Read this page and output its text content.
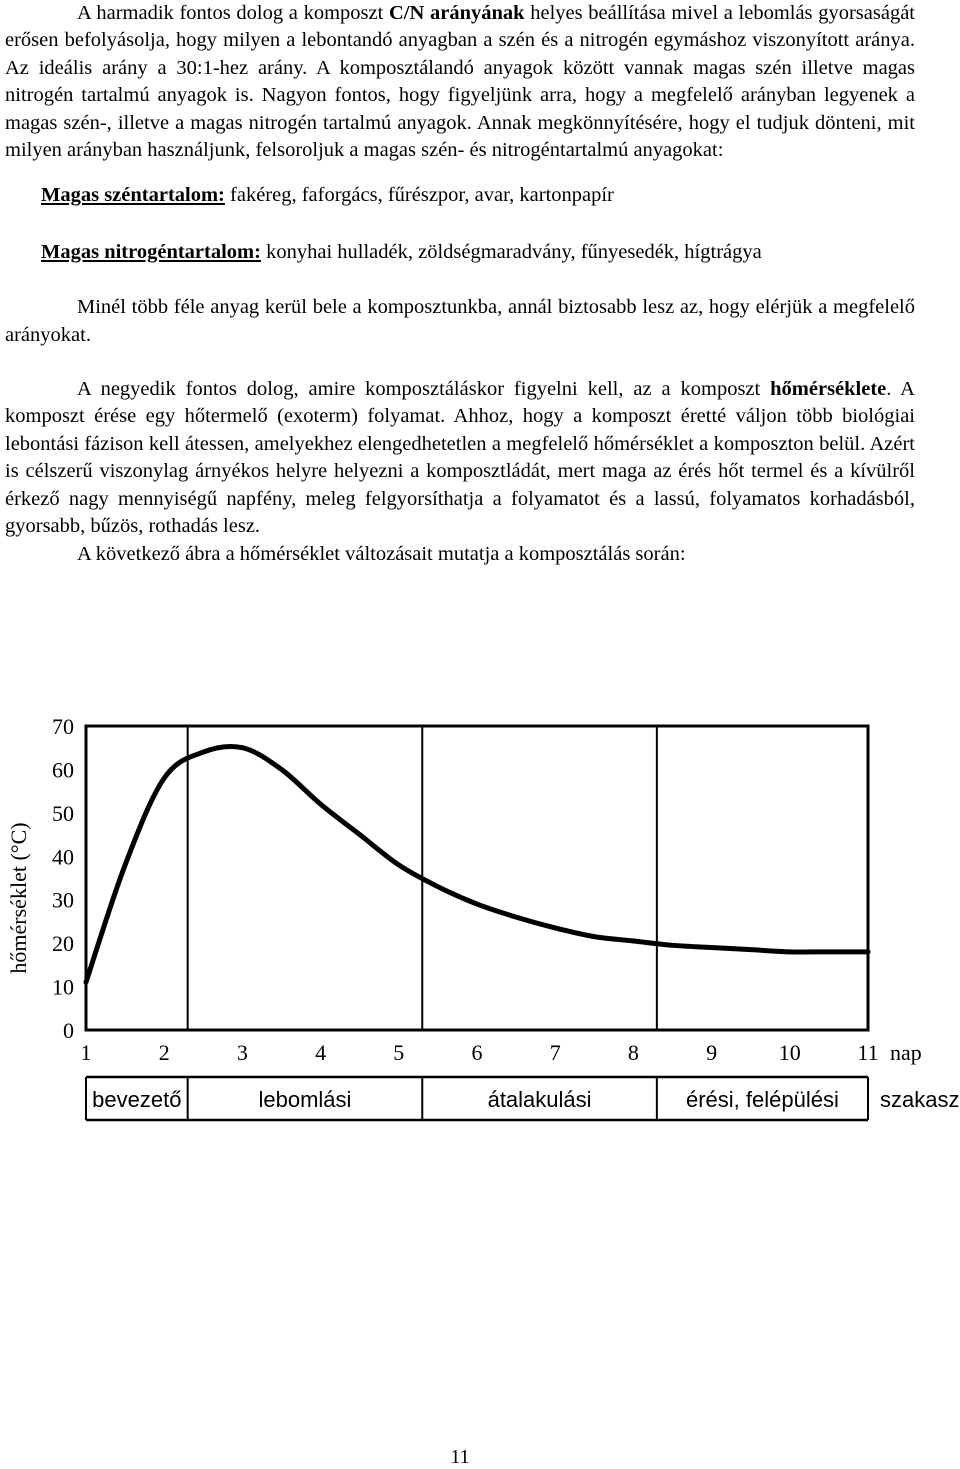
A harmadik fontos dolog a komposzt C/N arányának helyes beállítása mivel a lebomlás gyorsaságát erősen befolyásolja, hogy milyen a lebontandó anyagban a szén és a nitrogén egymáshoz viszonyított aránya. Az ideális arány a 30:1-hez arány. A komposztálandó anyagok között vannak magas szén illetve magas nitrogén tartalmú anyagok is. Nagyon fontos, hogy figyeljünk arra, hogy a megfelelő arányban legyenek a magas szén-, illetve a magas nitrogén tartalmú anyagok. Annak megkönnyítésére, hogy el tudjuk dönteni, mit milyen arányban használjunk, felsoroljuk a magas szén- és nitrogéntartalmú anyagokat:

Magas széntartalom: fakéreg, faforgács, fűrészpor, avar, kartonpapír

Magas nitrogéntartalom: konyhai hulladék, zöldségmaradvány, fűnyesedék, hígtrágya

Minél több féle anyag kerül bele a komposztunkba, annál biztosabb lesz az, hogy elérjük a megfelelő arányokat.

A negyedik fontos dolog, amire komposztáláskor figyelni kell, az a komposzt hőmérséklete. A komposzt érése egy hőtermelő (exoterm) folyamat. Ahhoz, hogy a komposzt éretté váljon több biológiai lebontási fázison kell átessen, amelyekhez elengedhetetlen a megfelelő hőmérséklet a komposzton belül. Azért is célszerű viszonylag árnyékos helyre helyezni a komposztládát, mert maga az érés hőt termel és a kívülről érkező nagy mennyiségű napfény, meleg felgyorsíthatja a folyamatot és a lassú, folyamatos korhadásból, gyorsabb, bűzös, rothadás lesz.

A következő ábra a hőmérséklet változásait mutatja a komposztálás során:

0
10
20
30
40
50
60
70
1	2	3	4	5	6	7	8	9	10	11 nap
hőmérséklet (°C)
bevezető	lebomlási	átalakulási	érési, felépülési szakasz
11
